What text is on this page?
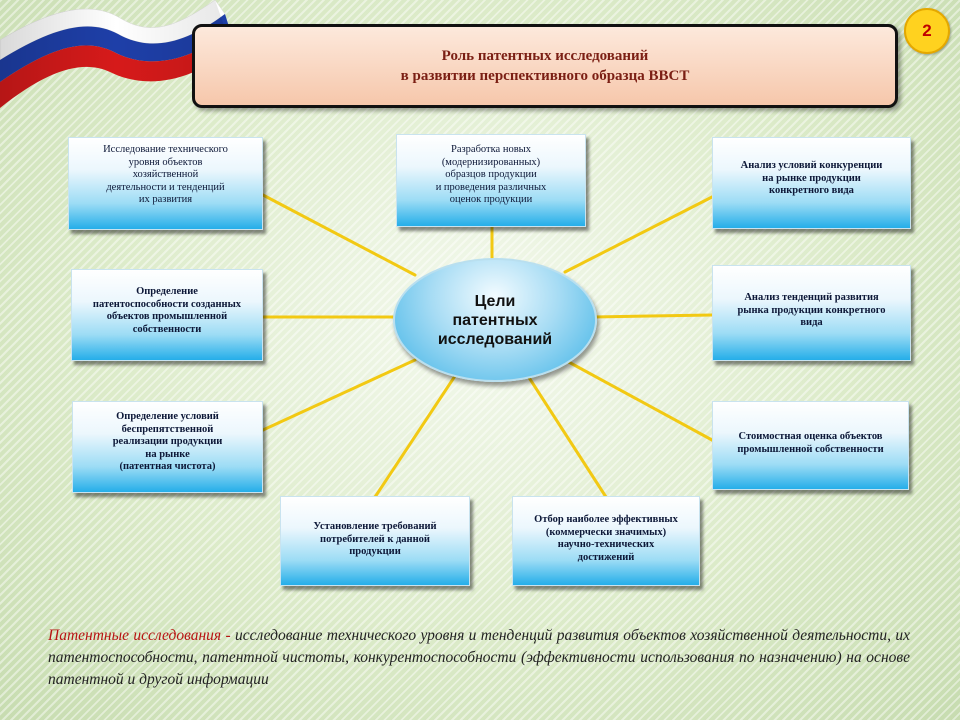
2
Роль патентных исследований
в развитии перспективного образца ВВСТ
Исследование технического
уровня объектов
хозяйственной
деятельности и тенденций
их развития
Определение
патентоспособности созданных
объектов промышленной
собственности
Определение условий
беспрепятственной
реализации продукции
на рынке
(патентная чистота)
Разработка новых
(модернизированных)
образцов продукции
и проведения различных
оценок продукции
Цели
патентных
исследований
Анализ условий конкуренции
на рынке продукции
конкретного вида
Анализ тенденций развития
рынка продукции конкретного
вида
Стоимостная оценка объектов
промышленной собственности
Установление требований
потребителей к данной
продукции
Отбор наиболее эффективных
(коммерчески значимых)
научно-технических
достижений
Патентные исследования - исследование технического уровня и тенденций развития объектов хозяйственной деятельности, их патентоспособности, патентной чистоты, конкурентоспособности (эффективности использования по назначению) на основе патентной и другой информации
